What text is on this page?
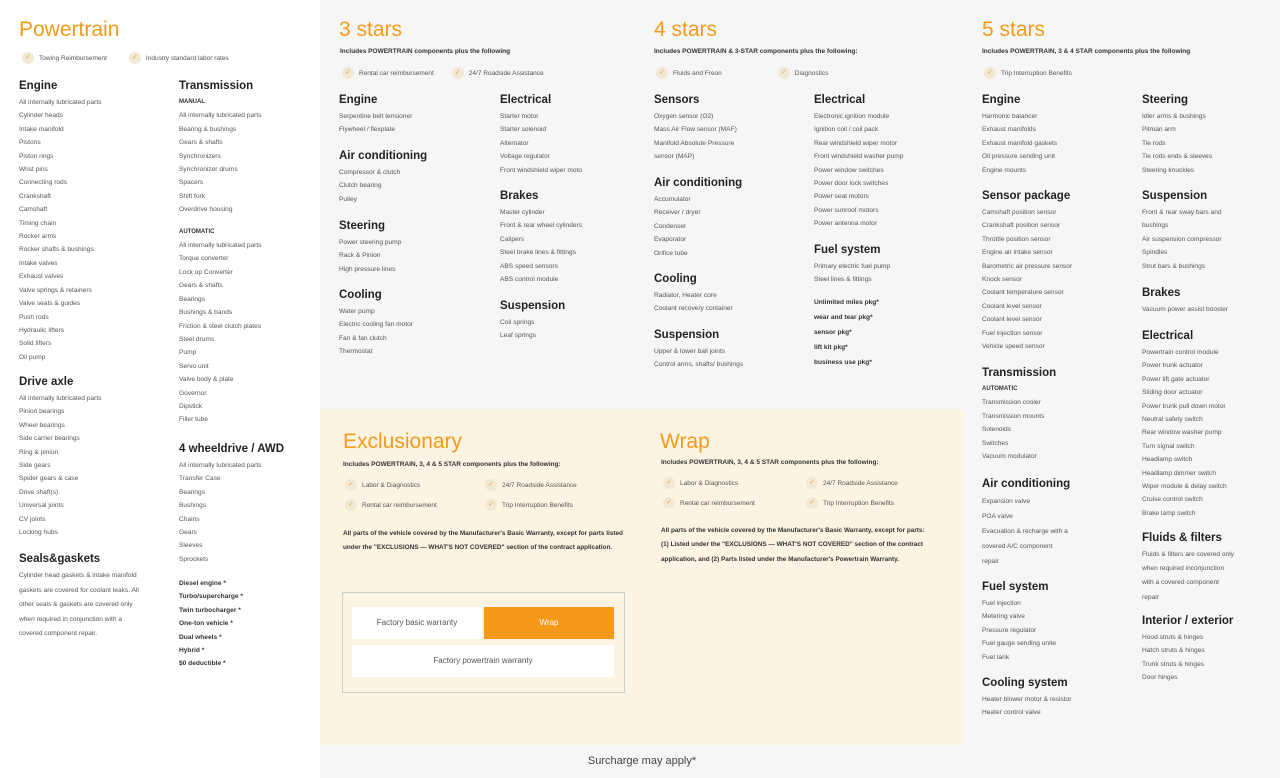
Powertrain
✓	Towing Reimbursement	✓	Industry standard labor rates
Engine
All internally lubricated parts
Cylinder heads
Intake manifold
Pistons
Piston rings
Wrist pins
Connecting rods
Crankshaft
Camshaft
Timing chain
Rocker arms
Rocker shafts & bushings
Intake valves
Exhaust valves
Valve springs & retainers
Valve seats & guides
Push rods
Hydraulic lifters
Solid lifters
Oil pump
Drive axle
All internally lubricated parts
Pinion bearings
Wheel bearings
Side carrier bearings
Ring & pinion
Side gears
Spider gears & case
Drive shaft(s)
Universal joints
CV joints
Locking hubs
Seals&gaskets

Cylinder head gaskets & intake manifold gaskets are covered for coolant leaks. All other seals & gaskets are covered only when required in conjunction with a covered component repair.

Transmission
MANUAL
All internally lubricated parts
Bearing & bushings
Gears & shafts
Synchronizers
Synchronizer drums
Spacers
Shift fork
Overdrive housing
AUTOMATIC
All internally lubricated parts
Torque converter
Lock up Converter
Gears & shafts
Bearings
Bushings & bands
Friction & steel clutch plates
Steel drums
Pump
Servo unit
Valve body & plate
Governor
Dipstick
Filler tube
4 wheeldrive / AWD
All internally lubricated parts
Transfer Case
Bearings
Bushings
Chains
Gears
Sleeves
Sprockets
Diesel engine *
Turbo/supercharge *
Twin turbocharger *
One-ton vehicle *
Dual wheels *
Hybrid *
$0 deductible *
3 stars
Includes POWERTRAIN components plus the following
✓	Rental car reimbursement	✓	24/7 Roadside Assistance
Engine
Serpentine belt tensioner
Flywheel / flexplate
Air conditioning
Compressor & clutch
Clutch bearing
Pulley
Steering
Power steering pump
Rack & Pinion
High pressure lines
Cooling
Water pump
Electric cooling fan motor
Fan & fan clutch
Thermostat
Electrical
Starter motor
Starter solenoid
Alternator
Voltage regulator
Front windshield wiper moto
Brakes
Master cylinder
Front & rear wheel cylinders
Calipers
Steel brake lines & fittings
ABS speed sensors
ABS control module
Suspension
Coil springs
Leaf springs
4 stars
Includes POWERTRAIN & 3-STAR components plus the following:
✓	Fluids and Freon	✓	Diagnostics
Sensors
Oxygen sensor (O2)
Mass Air Flow sensor (MAF)
Manifold Absolute Pressure
sensor (MAP)
Air conditioning
Accumulator
Receiver / dryer
Condenser
Evaporator
Orifice tube
Cooling
Radiator, Heater core
Coolant recovery container
Suspension
Upper & lower ball joints
Control arms, shafts/ bushings
Electrical
Electronic ignition module
Ignition coil / coil pack
Rear windshield wiper motor
Front windshield washer pump
Power window switches
Power door lock switches
Power seat motors
Power sunroof motors
Power antenna motor
Fuel system
Primary electric fuel pump
Steel lines & fittings
Unlimited miles pkg*
wear and tear pkg*
sensor pkg*
lift kit pkg*
business use pkg*
5 stars
Includes POWERTRAIN, 3 & 4 STAR components plus the following
✓	Trip Interruption Benefits
Engine
Harmonic balancer
Exhaust manifolds
Exhaust manifold gaskets
Oil pressure sending unit
Engine mounts
Sensor package
Camshaft position sensor
Crankshaft position sensor
Throttle position sensor
Engine air intake sensor
Barometric air pressure sensor
Knock sensor
Coolant temperature sensor
Coolant level sensor
Coolant level sensor
Fuel injection sensor
Vehicle speed sensor
Transmission
AUTOMATIC
Transmission cooler
Transmission mounts
Solenoids
Switches
Vacuum modulator
Air conditioning
Expansion valve
POA valve
Evacuation & recharge with a
covered A/C component
repair
Fuel system
Fuel injection
Metering valve
Pressure regulator
Fuel gauge sending unite
Fuel tank
Cooling system
Heater blower motor & resistor
Heater control valve
Steering
Idler arms & bushings
Pitman arm
Tie rods
Tie rods ends & sleeves
Steering knuckles
Suspension
Front & rear sway bars and
bushings
Air suspension compressor
Spindles
Strut bars & bushings
Brakes
Vacuum power assist booster
Electrical
Powertrain control module
Power trunk actuator
Power lift gate actuator
Sliding door actuator
Power trunk pull down motor
Neutral safety switch
Rear window washer pump
Turn signal switch
Headlamp switch
Headlamp dimmer switch
Wiper module & delay switch
Cruise control switch
Brake lamp switch
Fluids & filters
Fluids & filters are covered only
when required inconjunction
with a covered component
repair
Interior / exterior
Hood struts & hinges
Hatch struts & hinges
Trunk struts & hinges
Door hinges
Exclusionary
Includes POWERTRAIN, 3, 4 & 5 STAR components plus the following:
✓	Labor & Diagnostics	✓	24/7 Roadside Assistance
✓	Rental car reimbursement	✓	Trip Interruption Benefits

All parts of the vehicle covered by the Manufacturer's Basic Warranty, except for parts listed under the "EXCLUSIONS — WHAT'S NOT COVERED" section of the contract application.

Factory basic warranty	Wrap
Factory powertrain warranty
Wrap
Includes POWERTRAIN, 3, 4 & 5 STAR components plus the following:
✓	Labor & Diagnostics	✓	24/7 Roadside Assistance
✓	Rental car reimbursement	✓	Trip Interruption Benefits

All parts of the vehicle covered by the Manufacturer's Basic Warranty, except for parts: (1) Listed under the "EXCLUSIONS — WHAT'S NOT COVERED" section of the contract application, and (2) Parts listed under the Manufacturer's Powertrain Warranty.

Surcharge may apply*
